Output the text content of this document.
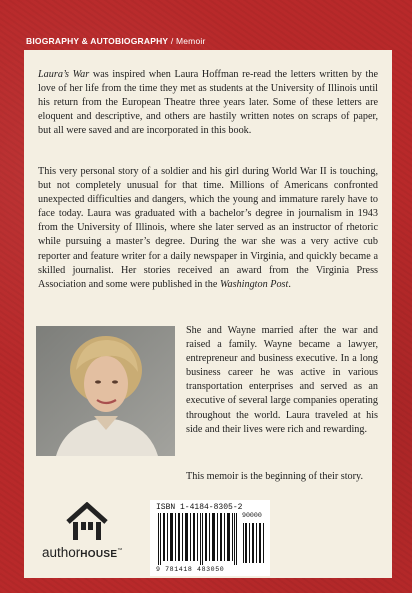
BIOGRAPHY & AUTOBIOGRAPHY / Memoir

Laura’s War was inspired when Laura Hoffman re-read the letters written by the love of her life from the time they met as students at the University of Illinois until his return from the European Theatre three years later. Some of these letters are eloquent and descriptive, and others are hastily written notes on scraps of paper, but all were saved and are incorporated in this book.

This very personal story of a soldier and his girl during World War II is touching, but not completely unusual for that time. Millions of Americans confronted unexpected difficulties and dangers, which the young and immature rarely have to face today. Laura was graduated with a bachelor’s degree in journalism in 1943 from the University of Illinois, where she later served as an instructor of rhetoric while pursuing a master’s degree. During the war she was a very active cub reporter and feature writer for a daily newspaper in Virginia, and quickly became a skilled journalist. Her stories received an award from the Virginia Press Association and some were published in the Washington Post.

She and Wayne married after the war and raised a family. Wayne became a lawyer, entrepreneur and business executive. In a long business career he was active in various transportation enterprises and served as an executive of several large companies operating throughout the world. Laura traveled at his side and their lives were rich and rewarding.

This memoir is the beginning of their story.

authorHOUSE™
ISBN 1-4184-8305-2
90000
9 781418 483050
